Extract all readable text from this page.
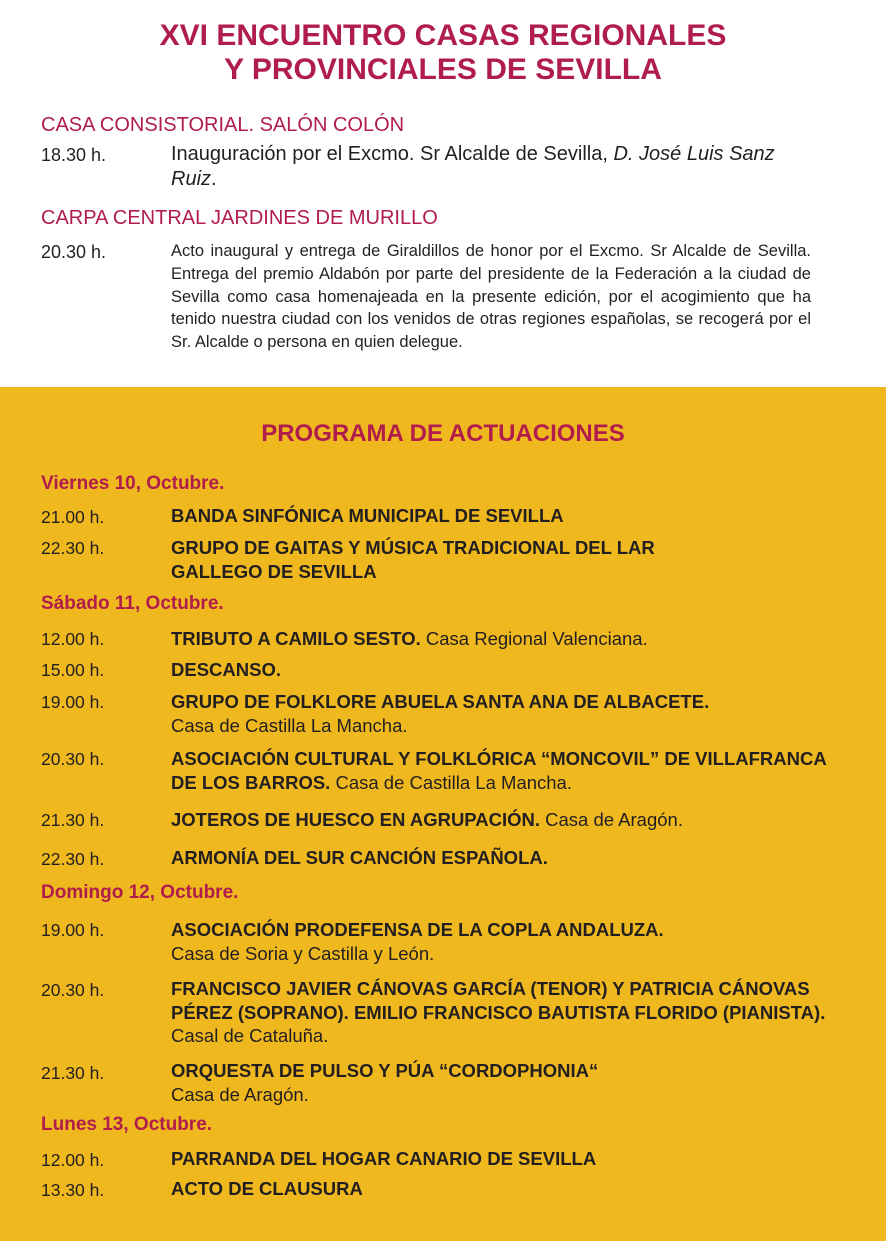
XVI ENCUENTRO CASAS REGIONALES
Y PROVINCIALES DE SEVILLA
CASA CONSISTORIAL. SALÓN COLÓN
18.30 h.	Inauguración por el Excmo. Sr Alcalde de Sevilla, D. José Luis Sanz Ruiz.
CARPA CENTRAL JARDINES DE MURILLO
20.30 h.	Acto inaugural y entrega de Giraldillos de honor por el Excmo. Sr Alcalde de Sevilla. Entrega del premio Aldabón por parte del presidente de la Federación a la ciudad de Sevilla como casa homenajeada en la presente edición, por el acogimiento que ha tenido nuestra ciudad con los venidos de otras regiones españolas, se recogerá por el Sr. Alcalde o persona en quien delegue.
PROGRAMA DE ACTUACIONES
Viernes 10, Octubre.
21.00 h.	BANDA SINFÓNICA MUNICIPAL DE SEVILLA
22.30 h.	GRUPO DE GAITAS Y MÚSICA TRADICIONAL DEL LAR GALLEGO DE SEVILLA
Sábado 11, Octubre.
12.00 h.	TRIBUTO A CAMILO SESTO. Casa Regional Valenciana.
15.00 h.	DESCANSO.
19.00 h.	GRUPO DE FOLKLORE ABUELA SANTA ANA DE ALBACETE.
Casa de Castilla La Mancha.
20.30 h.	ASOCIACIÓN CULTURAL Y FOLKLÓRICA “MONCOVIL” DE VILLAFRANCA DE LOS BARROS. Casa de Castilla La Mancha.
21.30 h.	JOTEROS DE HUESCO EN AGRUPACIÓN. Casa de Aragón.
22.30 h.	ARMONÍA DEL SUR CANCIÓN ESPAÑOLA.
Domingo 12, Octubre.
19.00 h.	ASOCIACIÓN PRODEFENSA DE LA COPLA ANDALUZA.
Casa de Soria y Castilla y León.
20.30 h.	FRANCISCO JAVIER CÁNOVAS GARCÍA (TENOR) Y PATRICIA CÁNOVAS PÉREZ (SOPRANO). EMILIO FRANCISCO BAUTISTA FLORIDO (PIANISTA).
Casal de Cataluña.
21.30 h.	ORQUESTA DE PULSO Y PÚA “CORDOPHONIA“
Casa de Aragón.
Lunes 13, Octubre.
12.00 h.	PARRANDA DEL HOGAR CANARIO DE SEVILLA
13.30 h.	ACTO DE CLAUSURA
